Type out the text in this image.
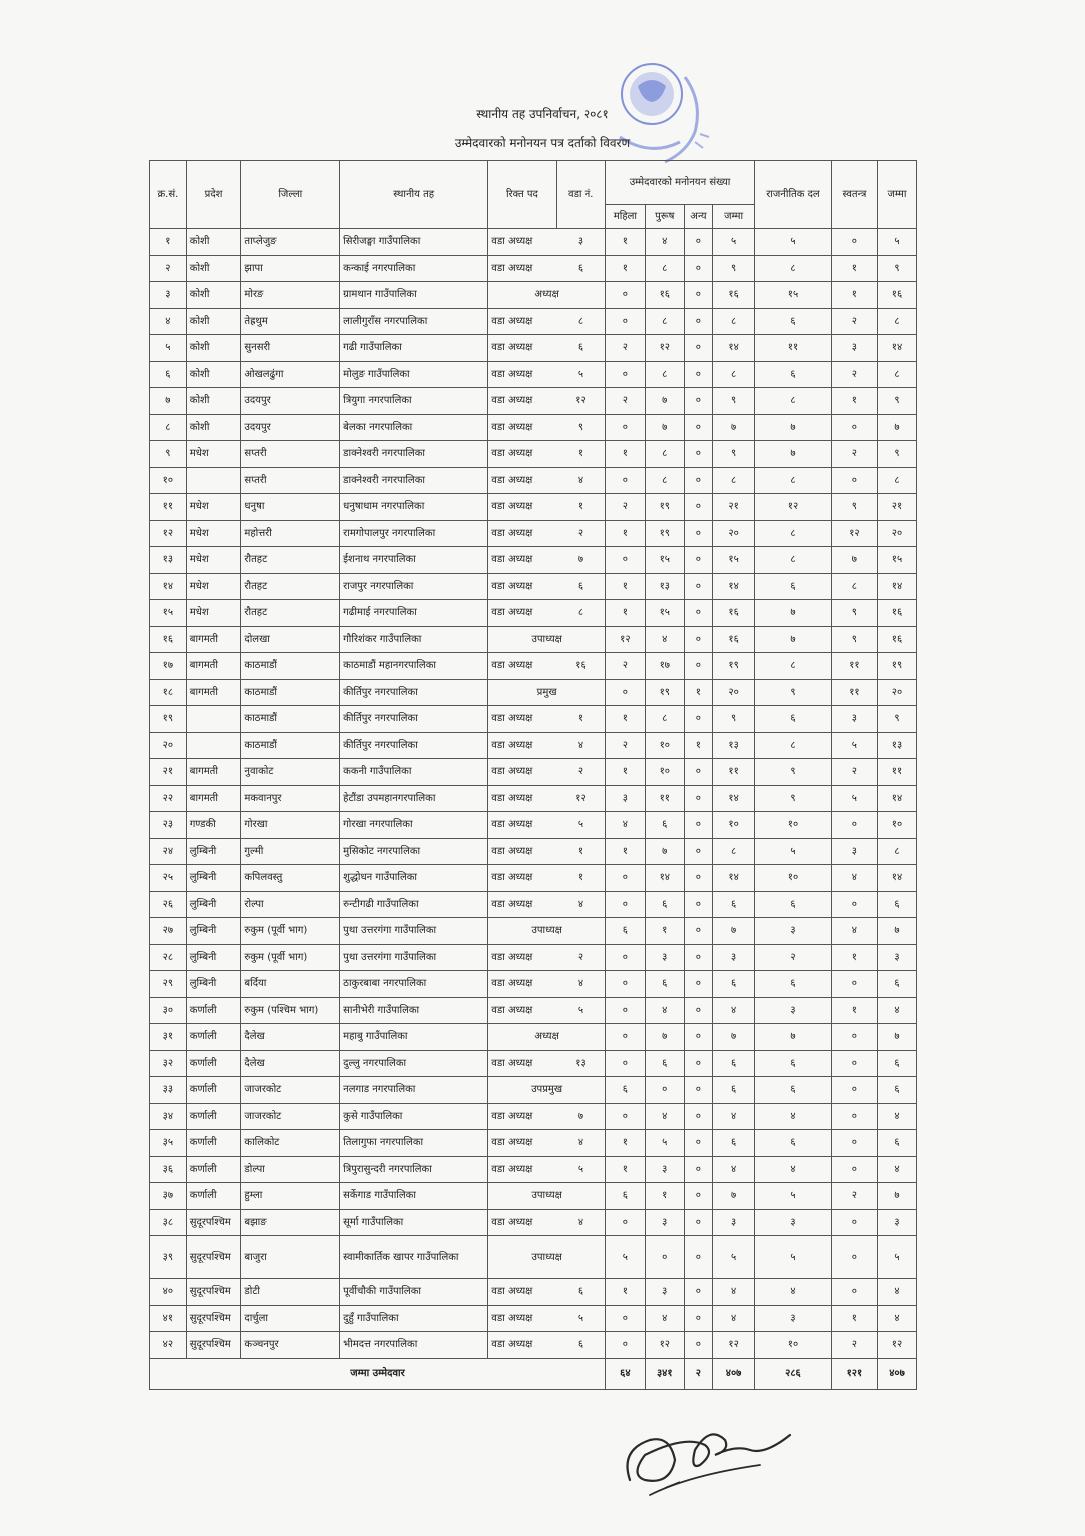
स्थानीय तह उपनिर्वाचन, २०८१
उम्मेदवारको मनोनयन पत्र दर्ताको विवरण
क्र.सं.	प्रदेश	जिल्ला	स्थानीय तह	रिक्त पद	वडा नं.	उम्मेदवारको मनोनयन संख्या				राजनीतिक दल	स्वतन्त्र	जम्मा
						महिला	पुरूष	अन्य	जम्मा			
१	कोशी	ताप्लेजुङ	सिरीजङ्घा गाउँपालिका	वडा अध्यक्ष	३	१	४	०	५	५	०	५
२	कोशी	झापा	कन्काई नगरपालिका	वडा अध्यक्ष	६	१	८	०	९	८	१	९
३	कोशी	मोरङ	ग्रामथान गाउँपालिका	अध्यक्ष		०	१६	०	१६	१५	१	१६
४	कोशी	तेह्रथुम	लालीगुराँस नगरपालिका	वडा अध्यक्ष	८	०	८	०	८	६	२	८
५	कोशी	सुनसरी	गढी गाउँपालिका	वडा अध्यक्ष	६	२	१२	०	१४	११	३	१४
६	कोशी	ओखलढुंगा	मोलुङ गाउँपालिका	वडा अध्यक्ष	५	०	८	०	८	६	२	८
७	कोशी	उदयपुर	त्रियुगा नगरपालिका	वडा अध्यक्ष	१२	२	७	०	९	८	१	९
८	कोशी	उदयपुर	बेलका नगरपालिका	वडा अध्यक्ष	९	०	७	०	७	७	०	७
९	मधेश	सप्तरी	डाक्नेश्वरी नगरपालिका	वडा अध्यक्ष	१	१	८	०	९	७	२	९
१०		सप्तरी	डाक्नेश्वरी नगरपालिका	वडा अध्यक्ष	४	०	८	०	८	८	०	८
११	मधेश	धनुषा	धनुषाधाम नगरपालिका	वडा अध्यक्ष	१	२	१९	०	२१	१२	९	२१
१२	मधेश	महोत्तरी	रामगोपालपुर नगरपालिका	वडा अध्यक्ष	२	१	१९	०	२०	८	१२	२०
१३	मधेश	रौतहट	ईशनाथ नगरपालिका	वडा अध्यक्ष	७	०	१५	०	१५	८	७	१५
१४	मधेश	रौतहट	राजपुर नगरपालिका	वडा अध्यक्ष	६	१	१३	०	१४	६	८	१४
१५	मधेश	रौतहट	गढीमाई नगरपालिका	वडा अध्यक्ष	८	१	१५	०	१६	७	९	१६
१६	बागमती	दोलखा	गौरिशंकर गाउँपालिका	उपाध्यक्ष		१२	४	०	१६	७	९	१६
१७	बागमती	काठमाडौं	काठमाडौं महानगरपालिका	वडा अध्यक्ष	१६	२	१७	०	१९	८	११	१९
१८	बागमती	काठमाडौं	कीर्तिपुर नगरपालिका	प्रमुख		०	१९	१	२०	९	११	२०
१९		काठमाडौं	कीर्तिपुर नगरपालिका	वडा अध्यक्ष	१	१	८	०	९	६	३	९
२०		काठमाडौं	कीर्तिपुर नगरपालिका	वडा अध्यक्ष	४	२	१०	१	१३	८	५	१३
२१	बागमती	नुवाकोट	ककनी गाउँपालिका	वडा अध्यक्ष	२	१	१०	०	११	९	२	११
२२	बागमती	मकवानपुर	हेटौंडा उपमहानगरपालिका	वडा अध्यक्ष	१२	३	११	०	१४	९	५	१४
२३	गण्डकी	गोरखा	गोरखा नगरपालिका	वडा अध्यक्ष	५	४	६	०	१०	१०	०	१०
२४	लुम्बिनी	गुल्मी	मुसिकोट नगरपालिका	वडा अध्यक्ष	१	१	७	०	८	५	३	८
२५	लुम्बिनी	कपिलवस्तु	शुद्धोधन गाउँपालिका	वडा अध्यक्ष	१	०	१४	०	१४	१०	४	१४
२६	लुम्बिनी	रोल्पा	रुन्टीगढी गाउँपालिका	वडा अध्यक्ष	४	०	६	०	६	६	०	६
२७	लुम्बिनी	रुकुम (पूर्वी भाग)	पुथा उत्तरगंगा गाउँपालिका	उपाध्यक्ष		६	१	०	७	३	४	७
२८	लुम्बिनी	रुकुम (पूर्वी भाग)	पुथा उत्तरगंगा गाउँपालिका	वडा अध्यक्ष	२	०	३	०	३	२	१	३
२९	लुम्बिनी	बर्दिया	ठाकुरबाबा नगरपालिका	वडा अध्यक्ष	४	०	६	०	६	६	०	६
३०	कर्णाली	रुकुम (पश्चिम भाग)	सानीभेरी गाउँपालिका	वडा अध्यक्ष	५	०	४	०	४	३	१	४
३१	कर्णाली	दैलेख	महाबु गाउँपालिका	अध्यक्ष		०	७	०	७	७	०	७
३२	कर्णाली	दैलेख	दुल्लु नगरपालिका	वडा अध्यक्ष	१३	०	६	०	६	६	०	६
३३	कर्णाली	जाजरकोट	नलगाड नगरपालिका	उपप्रमुख		६	०	०	६	६	०	६
३४	कर्णाली	जाजरकोट	कुसे गाउँपालिका	वडा अध्यक्ष	७	०	४	०	४	४	०	४
३५	कर्णाली	कालिकोट	तिलागुफा नगरपालिका	वडा अध्यक्ष	४	१	५	०	६	६	०	६
३६	कर्णाली	डोल्पा	त्रिपुरासुन्दरी नगरपालिका	वडा अध्यक्ष	५	१	३	०	४	४	०	४
३७	कर्णाली	हुम्ला	सर्केगाड गाउँपालिका	उपाध्यक्ष		६	१	०	७	५	२	७
३८	सुदूरपश्चिम	बझाङ	सूर्मा गाउँपालिका	वडा अध्यक्ष	४	०	३	०	३	३	०	३
३९	सुदूरपश्चिम	बाजुरा	स्वामीकार्तिक खापर गाउँपालिका	उपाध्यक्ष		५	०	०	५	५	०	५
४०	सुदूरपश्चिम	डोटी	पूर्वीचौकी गाउँपालिका	वडा अध्यक्ष	६	१	३	०	४	४	०	४
४१	सुदूरपश्चिम	दार्चुला	दुहुँ गाउँपालिका	वडा अध्यक्ष	५	०	४	०	४	३	१	४
४२	सुदूरपश्चिम	कञ्चनपुर	भीमदत्त नगरपालिका	वडा अध्यक्ष	६	०	१२	०	१२	१०	२	१२
जम्मा उम्मेदवार						६४	३४१	२	४०७	२८६	१२१	४०७
